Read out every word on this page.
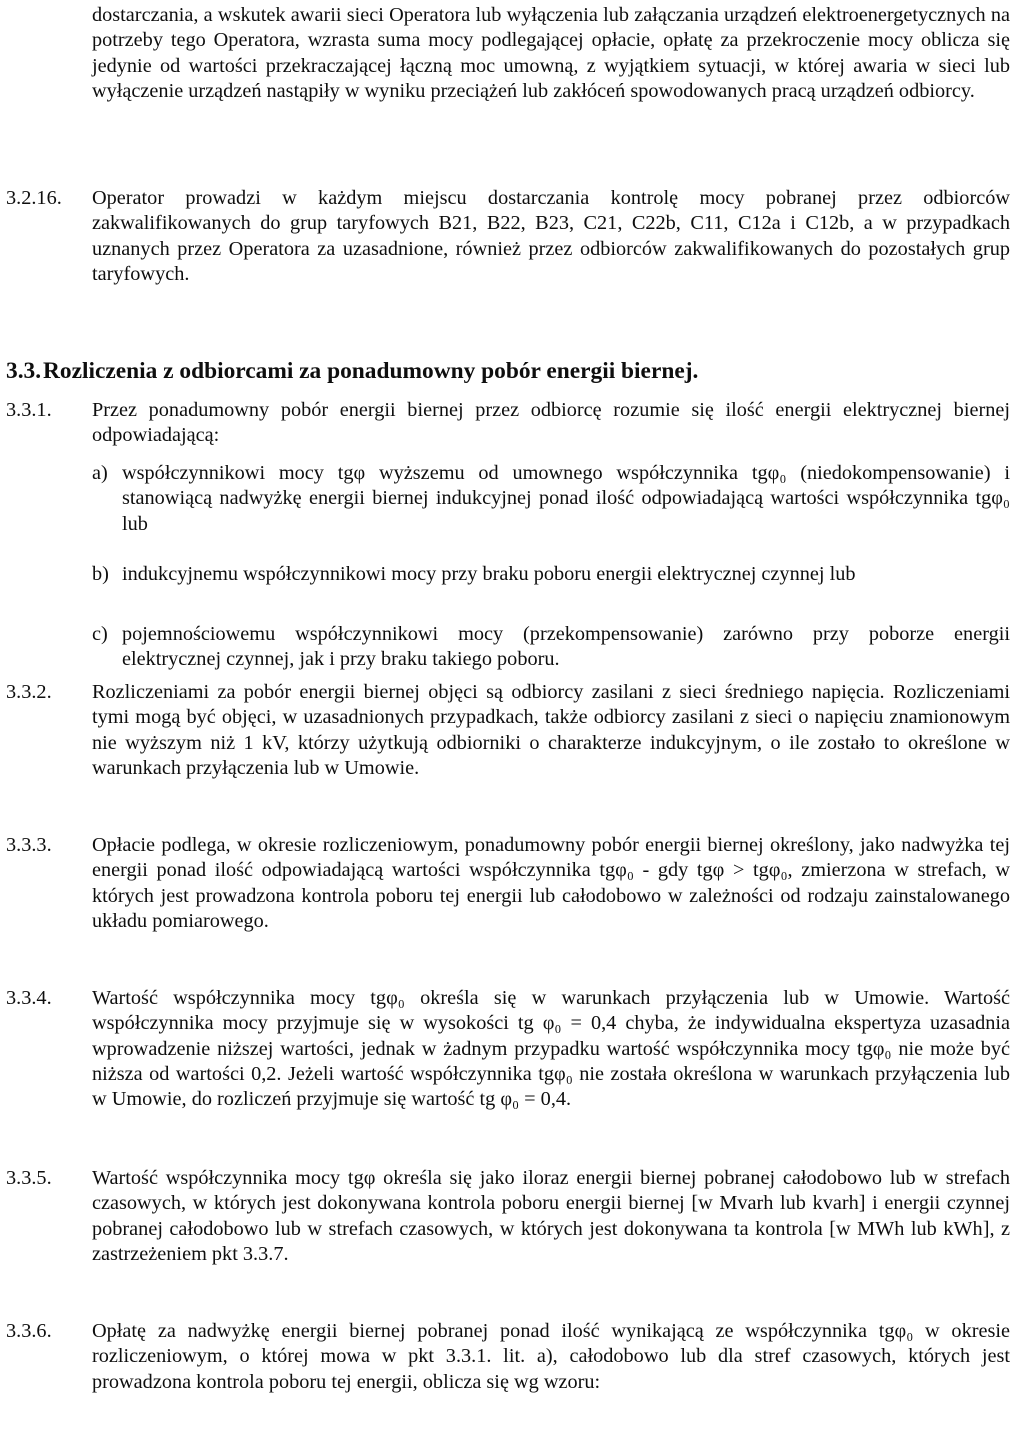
dostarczania, a wskutek awarii sieci Operatora lub wyłączenia lub załączania urządzeń elektroenergetycznych na potrzeby tego Operatora, wzrasta suma mocy podlegającej opłacie, opłatę za przekroczenie mocy oblicza się jedynie od wartości przekraczającej łączną moc umowną, z wyjątkiem sytuacji, w której awaria w sieci lub wyłączenie urządzeń nastąpiły w wyniku przeciążeń lub zakłóceń spowodowanych pracą urządzeń odbiorcy.

3.2.16.	Operator prowadzi w każdym miejscu dostarczania kontrolę mocy pobranej przez odbiorców zakwalifikowanych do grup taryfowych B21, B22, B23, C21, C22b, C11, C12a i C12b, a w przypadkach uznanych przez Operatora za uzasadnione, również przez odbiorców zakwalifikowanych do pozostałych grup taryfowych.
3.3.Rozliczenia z odbiorcami za ponadumowny pobór energii biernej.
3.3.1.	Przez ponadumowny pobór energii biernej przez odbiorcę rozumie się ilość energii elektrycznej biernej odpowiadającą:
a) współczynnikowi mocy tgφ wyższemu od umownego współczynnika tgφ₀ (niedokompensowanie) i stanowiącą nadwyżkę energii biernej indukcyjnej ponad ilość odpowiadającą wartości współczynnika tgφ₀ lub
b) indukcyjnemu współczynnikowi mocy przy braku poboru energii elektrycznej czynnej lub
c) pojemnościowemu współczynnikowi mocy (przekompensowanie) zarówno przy poborze energii elektrycznej czynnej, jak i przy braku takiego poboru.
3.3.2.	Rozliczeniami za pobór energii biernej objęci są odbiorcy zasilani z sieci średniego napięcia. Rozliczeniami tymi mogą być objęci, w uzasadnionych przypadkach, także odbiorcy zasilani z sieci o napięciu znamionowym nie wyższym niż 1 kV, którzy użytkują odbiorniki o charakterze indukcyjnym, o ile zostało to określone w warunkach przyłączenia lub w Umowie.
3.3.3.	Opłacie podlega, w okresie rozliczeniowym, ponadumowny pobór energii biernej określony, jako nadwyżka tej energii ponad ilość odpowiadającą wartości współczynnika tgφ₀ - gdy tgφ > tgφ₀, zmierzona w strefach, w których jest prowadzona kontrola poboru tej energii lub całodobowo w zależności od rodzaju zainstalowanego układu pomiarowego.
3.3.4.	Wartość współczynnika mocy tgφ₀ określa się w warunkach przyłączenia lub w Umowie. Wartość współczynnika mocy przyjmuje się w wysokości tg φ₀ = 0,4 chyba, że indywidualna ekspertyza uzasadnia wprowadzenie niższej wartości, jednak w żadnym przypadku wartość współczynnika mocy tgφ₀ nie może być niższa od wartości 0,2. Jeżeli wartość współczynnika tgφ₀ nie została określona w warunkach przyłączenia lub w Umowie, do rozliczeń przyjmuje się wartość tg φ₀ = 0,4.
3.3.5.	Wartość współczynnika mocy tgφ określa się jako iloraz energii biernej pobranej całodobowo lub w strefach czasowych, w których jest dokonywana kontrola poboru energii biernej [w Mvarh lub kvarh] i energii czynnej pobranej całodobowo lub w strefach czasowych, w których jest dokonywana ta kontrola [w MWh lub kWh], z zastrzeżeniem pkt 3.3.7.
3.3.6.	Opłatę za nadwyżkę energii biernej pobranej ponad ilość wynikającą ze współczynnika tgφ₀ w okresie rozliczeniowym, o której mowa w pkt 3.3.1. lit. a), całodobowo lub dla stref czasowych, których jest prowadzona kontrola poboru tej energii, oblicza się wg wzoru:
